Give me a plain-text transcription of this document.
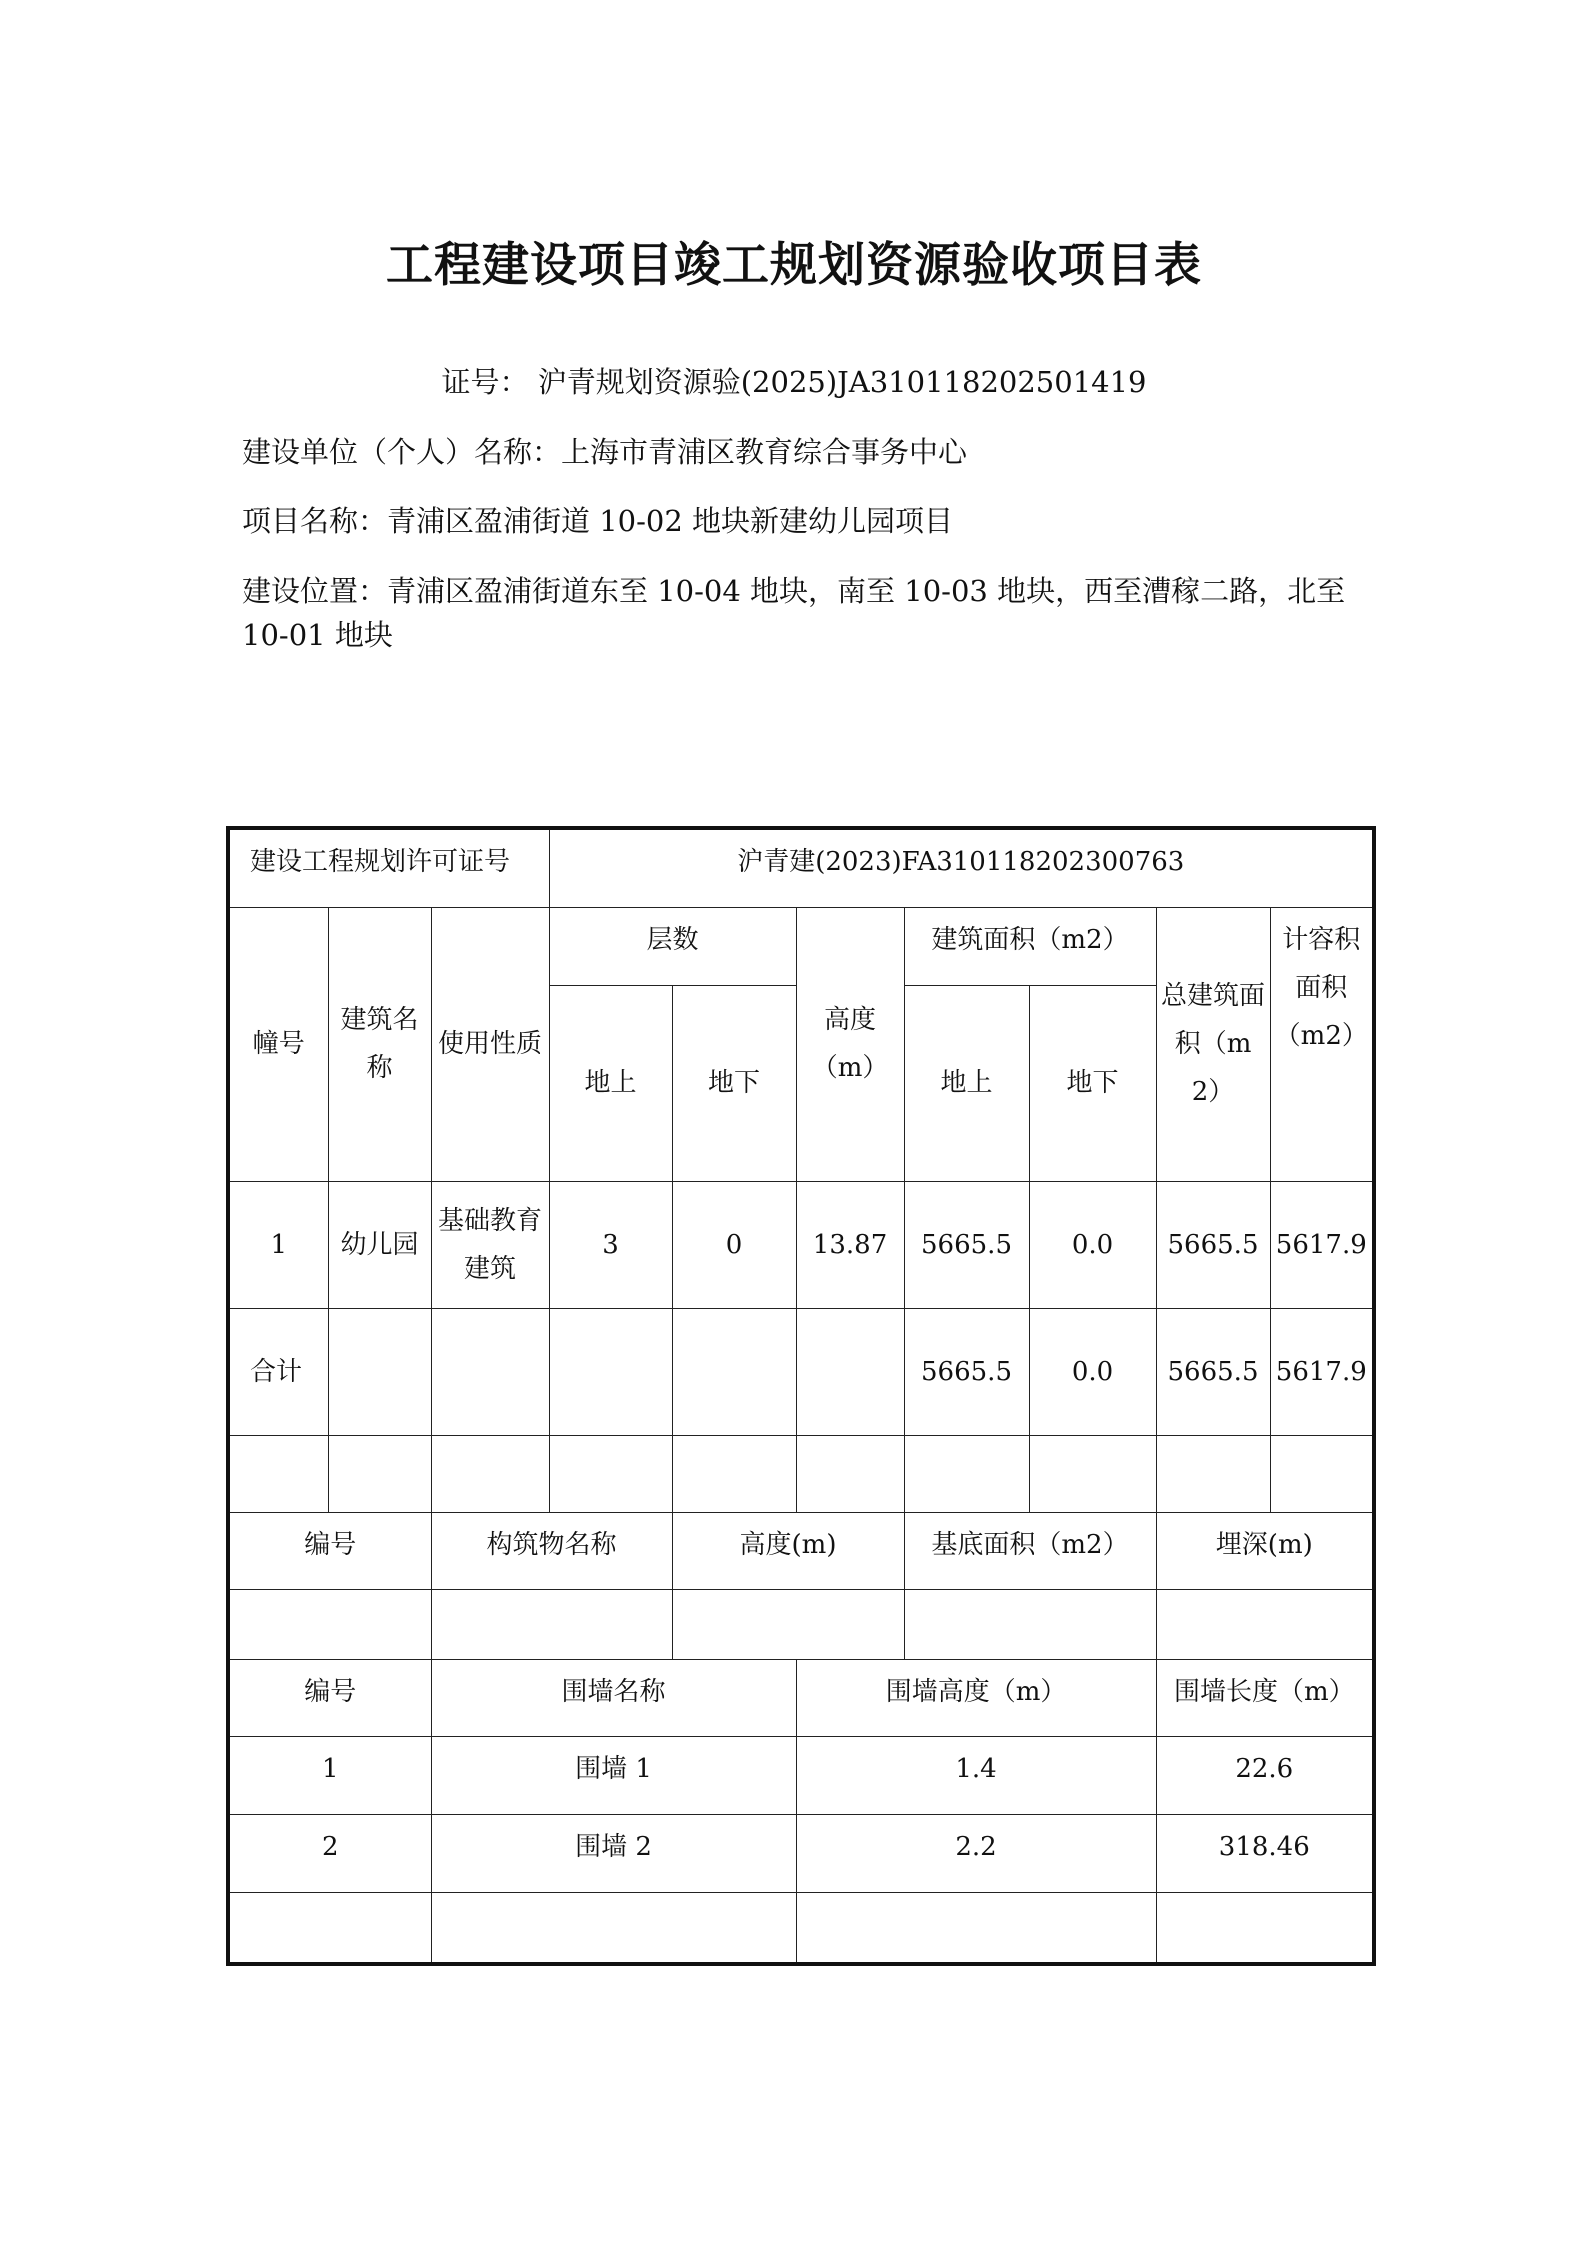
工程建设项目竣工规划资源验收项目表
证号： 沪青规划资源验(2025)JA310118202501419
建设单位（个人）名称：上海市青浦区教育综合事务中心
项目名称：青浦区盈浦街道 10-02 地块新建幼儿园项目
建设位置：青浦区盈浦街道东至 10-04 地块，南至 10-03 地块，西至漕稼二路，北至 10-01 地块
建设工程规划许可证号			沪青建(2023)FA310118202300763						
幢号	建筑名称	使用性质	层数		高度（m）	建筑面积（m2）		总建筑面积（m2）	计容积面积（m2）
			地上	地下		地上	地下		
1	幼儿园	基础教育建筑	3	0	13.87	5665.5	0.0	5665.5	5617.9
合计						5665.5	0.0	5665.5	5617.9

编号		构筑物名称		高度(m)		基底面积（m2）		埋深(m)	

编号		围墙名称			围墙高度（m）			围墙长度（m）	
1		围墙 1			1.4			22.6	
2		围墙 2			2.2			318.46	
